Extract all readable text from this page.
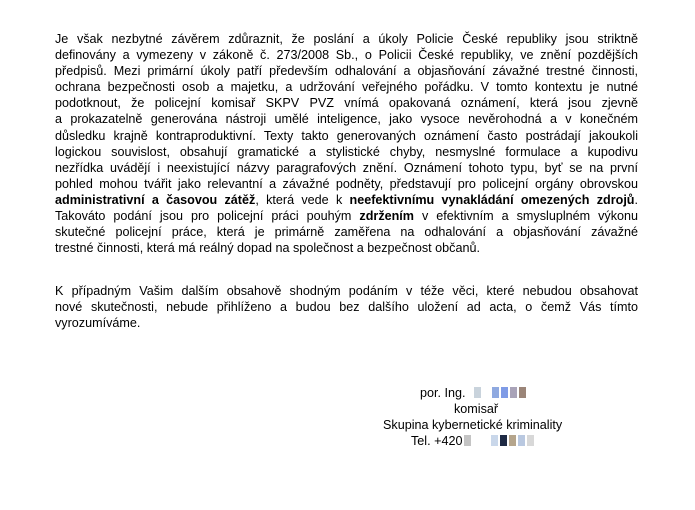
Je však nezbytné závěrem zdůraznit, že poslání a úkoly Policie České republiky jsou striktně
definovány a vymezeny v zákoně č. 273/2008 Sb., o Policii České republiky, ve znění pozdějších
předpisů. Mezi primární úkoly patří především odhalování a objasňování závažné trestné činnosti,
ochrana bezpečnosti osob a majetku, a udržování veřejného pořádku. V tomto kontextu je nutné
podotknout, že policejní komisař SKPV PVZ vnímá opakovaná oznámení, která jsou zjevně
a prokazatelně generována nástroji umělé inteligence, jako vysoce nevěrohodná a v konečném
důsledku krajně kontraproduktivní. Texty takto generovaných oznámení často postrádají jakoukoli
logickou souvislost, obsahují gramatické a stylistické chyby, nesmyslné formulace a kupodivu
nezřídka uvádějí i neexistující názvy paragrafových znění. Oznámení tohoto typu, byť se na první
pohled mohou tvářit jako relevantní a závažné podněty, představují pro policejní orgány obrovskou
administrativní a časovou zátěž, která vede k neefektivnímu vynakládání omezených zdrojů.
Takováto podání jsou pro policejní práci pouhým zdržením v efektivním a smysluplném výkonu
skutečné policejní práce, která je primárně zaměřena na odhalování a objasňování závažné
trestné činnosti, která má reálný dopad na společnost a bezpečnost občanů.
K případným Vašim dalším obsahově shodným podáním v téže věci, které nebudou obsahovat
nové skutečnosti, nebude přihlíženo a budou bez dalšího uložení ad acta, o čemž Vás tímto
vyrozumíváme.
por. Ing.
komisař
Skupina kybernetické kriminality
Tel. +420
